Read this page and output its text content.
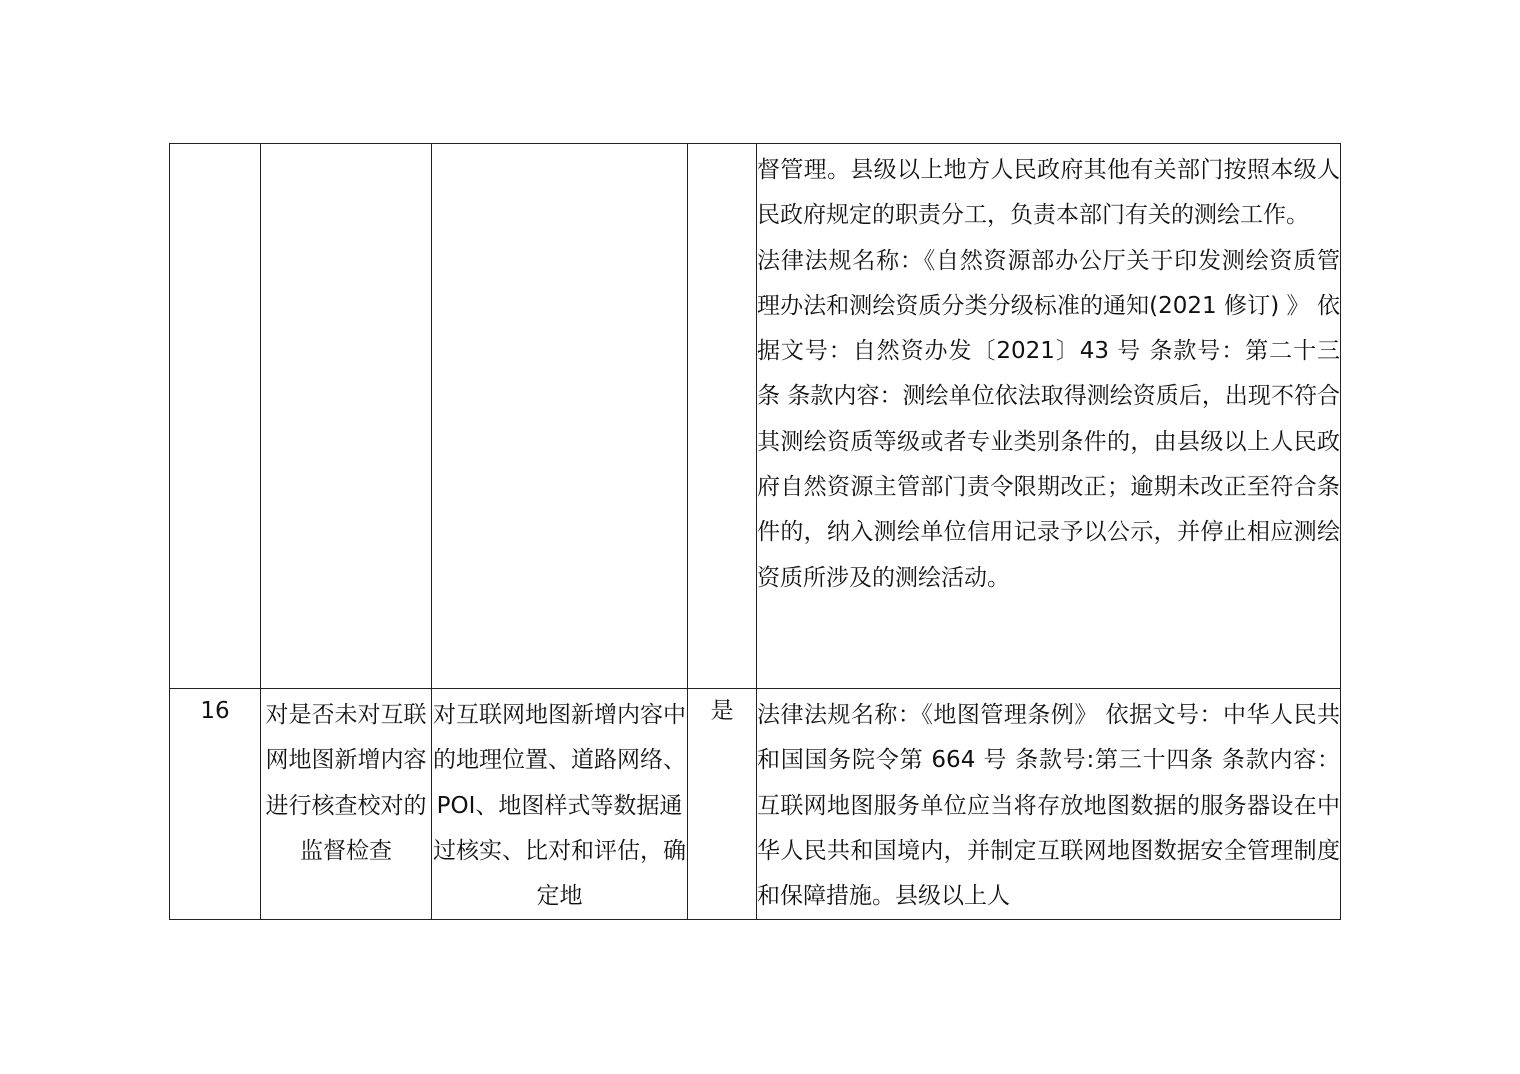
				督管理。县级以上地方人民政府其他有关部门按照本级人民政府规定的职责分工，负责本部门有关的测绘工作。
法律法规名称：《自然资源部办公厅关于印发测绘资质管理办法和测绘资质分类分级标准的通知(2021 修订) 》 依据文号：自然资办发〔2021〕43 号 条款号：第二十三条 条款内容：测绘单位依法取得测绘资质后，出现不符合其测绘资质等级或者专业类别条件的，由县级以上人民政府自然资源主管部门责令限期改正；逾期未改正至符合条件的，纳入测绘单位信用记录予以公示，并停止相应测绘资质所涉及的测绘活动。

16	对是否未对互联网地图新增内容进行核查校对的监督检查	对互联网地图新增内容中的地理位置、道路网络、POI、地图样式等数据通过核实、比对和评估，确定地	是	法律法规名称：《地图管理条例》 依据文号：中华人民共和国国务院令第 664 号 条款号:第三十四条 条款内容：互联网地图服务单位应当将存放地图数据的服务器设在中华人民共和国境内，并制定互联网地图数据安全管理制度和保障措施。县级以上人
